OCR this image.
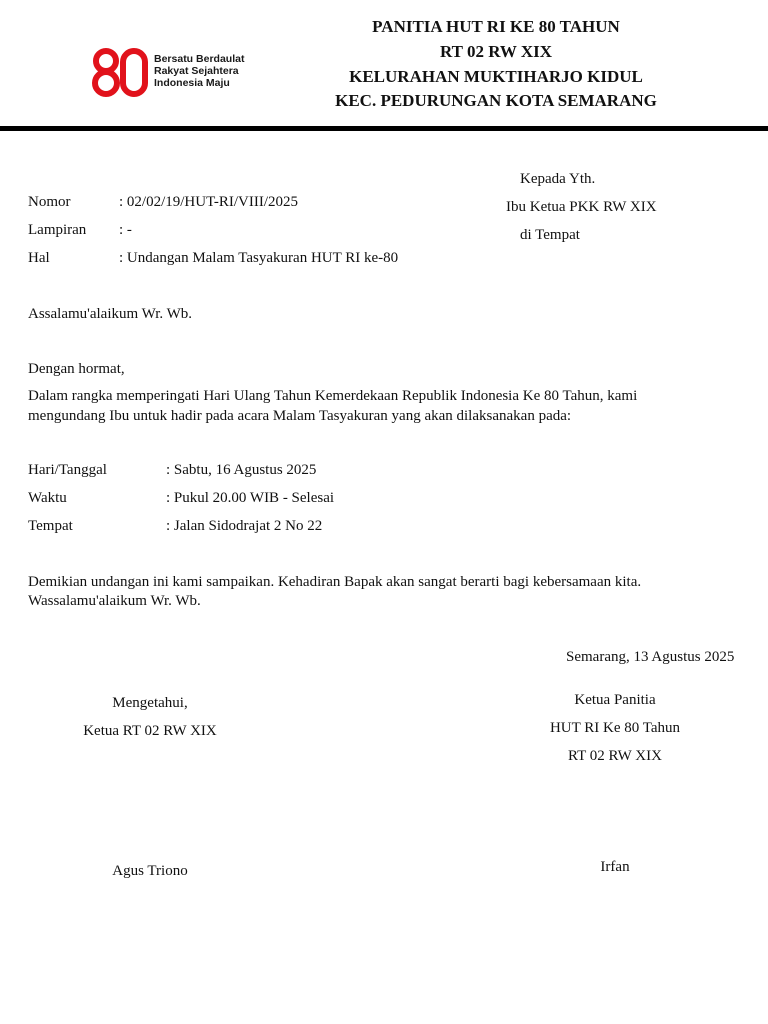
Bersatu Berdaulat
Rakyat Sejahtera
Indonesia Maju
PANITIA HUT RI KE 80 TAHUN
RT 02 RW XIX
KELURAHAN MUKTIHARJO KIDUL
KEC. PEDURUNGAN KOTA SEMARANG
Kepada Yth.
Ibu Ketua PKK RW XIX
di Tempat
Nomor	: 02/02/19/HUT-RI/VIII/2025
Lampiran : -
Hal	: Undangan Malam Tasyakuran HUT RI ke-80
Assalamu'alaikum Wr. Wb.
Dengan hormat,
Dalam rangka memperingati Hari Ulang Tahun Kemerdekaan Republik Indonesia Ke 80 Tahun, kami mengundang Ibu untuk hadir pada acara Malam Tasyakuran yang akan dilaksanakan pada:
Hari/Tanggal	: Sabtu, 16 Agustus 2025
Waktu	: Pukul 20.00 WIB - Selesai
Tempat	: Jalan Sidodrajat 2 No 22
Demikian undangan ini kami sampaikan. Kehadiran Bapak akan sangat berarti bagi kebersamaan kita.
Wassalamu'alaikum Wr. Wb.
Semarang, 13 Agustus 2025
Mengetahui,
Ketua RT 02 RW XIX
Agus Triono
Ketua Panitia
HUT RI Ke 80 Tahun
RT 02 RW XIX
Irfan
